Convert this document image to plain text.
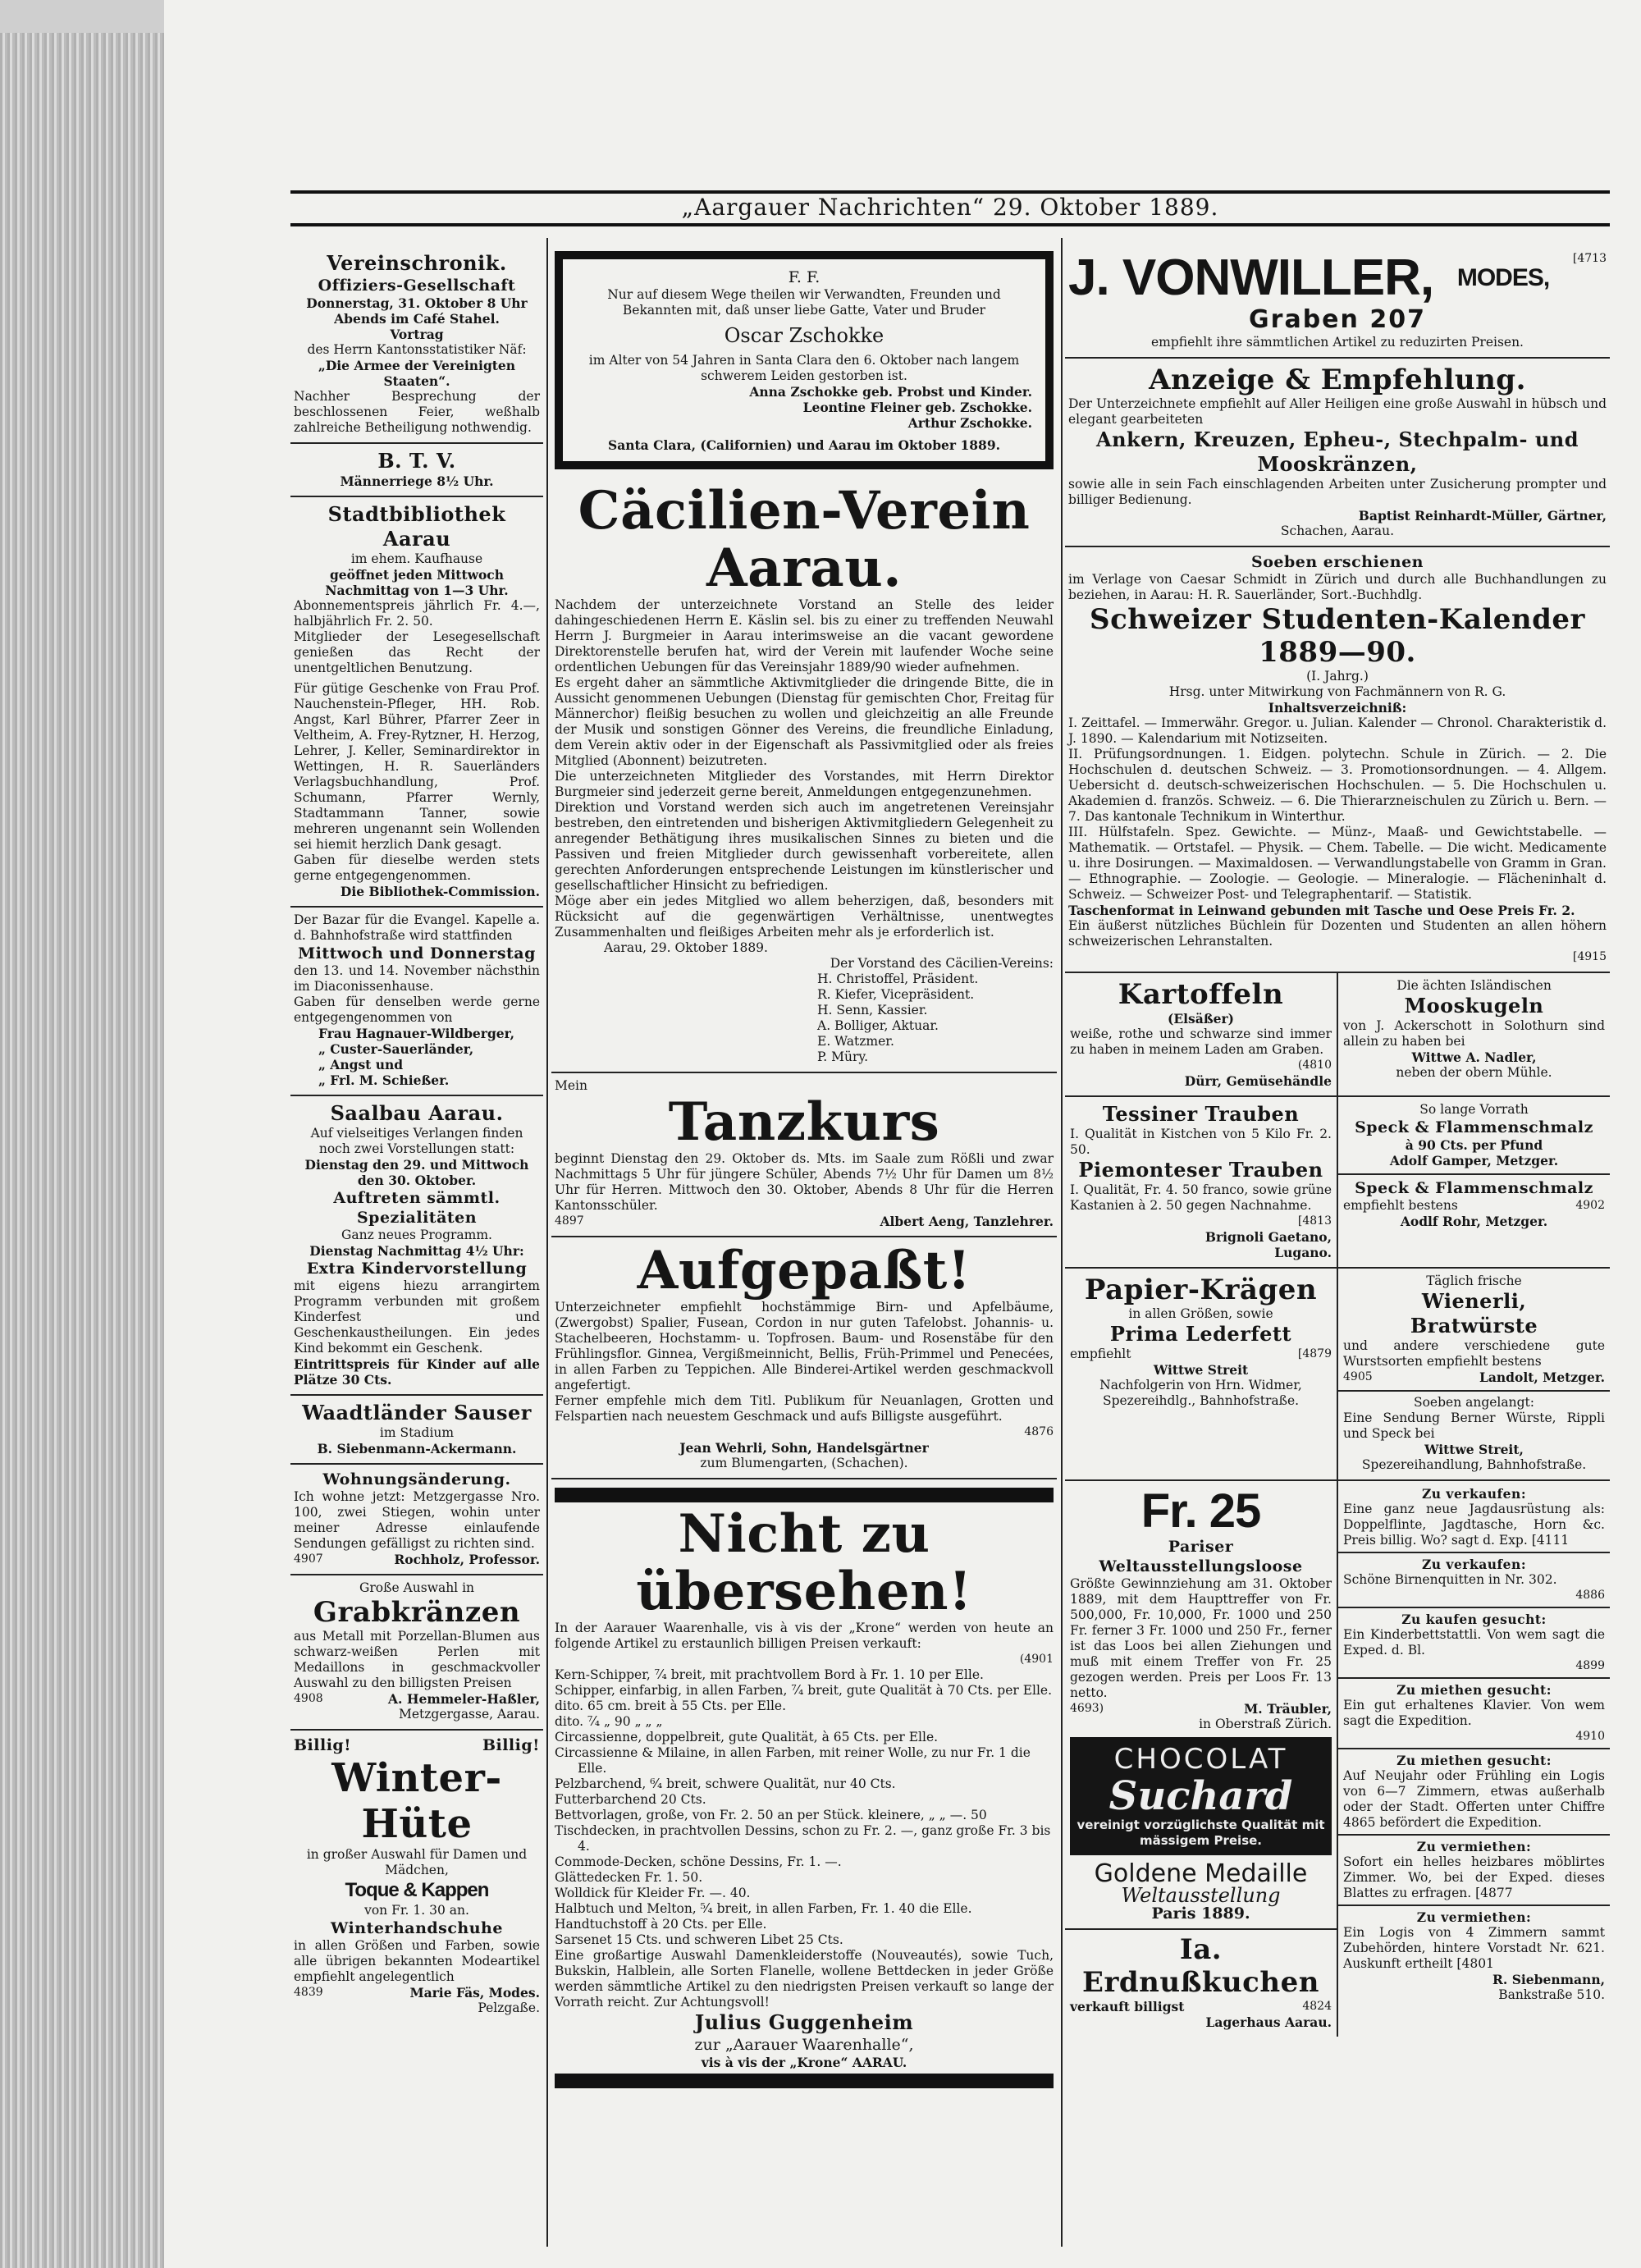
„Aargauer Nachrichten“ 29. Oktober 1889.
Vereinschronik.
Offiziers-Gesellschaft
Donnerstag, 31. Oktober 8 Uhr Abends im Café Stahel.
Vortrag
des Herrn Kantonsstatistiker Näf:
„Die Armee der Vereinigten Staaten“.
Nachher Besprechung der beschlossenen Feier, weßhalb zahlreiche Betheiligung nothwendig.
B. T. V.
Männerriege 8½ Uhr.
Stadtbibliothek Aarau
im ehem. Kaufhause
geöffnet jeden Mittwoch Nachmittag von 1—3 Uhr.
Abonnementspreis jährlich Fr. 4.—, halbjährlich Fr. 2. 50.
Mitglieder der Lesegesellschaft genießen das Recht der unentgeltlichen Benutzung.
Für gütige Geschenke von Frau Prof. Nauchenstein-Pfleger, HH. Rob. Angst, Karl Bührer, Pfarrer Zeer in Veltheim, A. Frey-Rytzner, H. Herzog, Lehrer, J. Keller, Seminardirektor in Wettingen, H. R. Sauerländers Verlagsbuchhandlung, Prof. Schumann, Pfarrer Wernly, Stadtammann Tanner, sowie mehreren ungenannt sein Wollenden sei hiemit herzlich Dank gesagt.
Gaben für dieselbe werden stets gerne entgegengenommen.
Die Bibliothek-Commission.
Der Bazar für die Evangel. Kapelle a. d. Bahnhofstraße wird stattfinden
Mittwoch und Donnerstag
den 13. und 14. November nächsthin im Diaconissenhause.
Gaben für denselben werde gerne entgegengenommen von
Frau Hagnauer-Wildberger,
„ Custer-Sauerländer,
„ Angst und
„ Frl. M. Schießer.
Saalbau Aarau.
Auf vielseitiges Verlangen finden noch zwei Vorstellungen statt:
Dienstag den 29. und Mittwoch den 30. Oktober.
Auftreten sämmtl. Spezialitäten
Ganz neues Programm.
Dienstag Nachmittag 4½ Uhr:
Extra Kindervorstellung
mit eigens hiezu arrangirtem Programm verbunden mit großem Kinderfest und Geschenkaustheilungen. Ein jedes Kind bekommt ein Geschenk.
Eintrittspreis für Kinder auf alle Plätze 30 Cts.
Waadtländer Sauser
im Stadium
B. Siebenmann-Ackermann.
Wohnungsänderung.
Ich wohne jetzt: Metzgergasse Nro. 100, zwei Stiegen, wohin unter meiner Adresse einlaufende Sendungen gefälligst zu richten sind.
4907	Rochholz, Professor.
Große Auswahl in
Grabkränzen
aus Metall mit Porzellan-Blumen aus schwarz-weißen Perlen mit Medaillons in geschmackvoller Auswahl zu den billigsten Preisen
4908	A. Hemmeler-Haßler,
Metzgergasse, Aarau.
Billig!	Billig!
Winter-Hüte
in großer Auswahl für Damen und Mädchen,
Toque & Kappen
von Fr. 1. 30 an.
Winterhandschuhe
in allen Größen und Farben, sowie alle übrigen bekannten Modeartikel empfiehlt angelegentlich
4839	Marie Fäs, Modes.
Pelzgaße.
F. F.
Nur auf diesem Wege theilen wir Verwandten, Freunden und Bekannten mit, daß unser liebe Gatte, Vater und Bruder
Oscar Zschokke
im Alter von 54 Jahren in Santa Clara den 6. Oktober nach langem schwerem Leiden gestorben ist.
Anna Zschokke geb. Probst und Kinder.
Leontine Fleiner geb. Zschokke.
Arthur Zschokke.
Santa Clara, (Californien) und Aarau im Oktober 1889.
Cäcilien-Verein Aarau.

Nachdem der unterzeichnete Vorstand an Stelle des leider dahingeschiedenen Herrn E. Käslin sel. bis zu einer zu treffenden Neuwahl Herrn J. Burgmeier in Aarau interimsweise an die vacant gewordene Direktorenstelle berufen hat, wird der Verein mit laufender Woche seine ordentlichen Uebungen für das Vereinsjahr 1889/90 wieder aufnehmen.

Es ergeht daher an sämmtliche Aktivmitglieder die dringende Bitte, die in Aussicht genommenen Uebungen (Dienstag für gemischten Chor, Freitag für Männerchor) fleißig besuchen zu wollen und gleichzeitig an alle Freunde der Musik und sonstigen Gönner des Vereins, die freundliche Einladung, dem Verein aktiv oder in der Eigenschaft als Passivmitglied oder als freies Mitglied (Abonnent) beizutreten.

Die unterzeichneten Mitglieder des Vorstandes, mit Herrn Direktor Burgmeier sind jederzeit gerne bereit, Anmeldungen entgegenzunehmen.

Direktion und Vorstand werden sich auch im angetretenen Vereinsjahr bestreben, den eintretenden und bisherigen Aktivmitgliedern Gelegenheit zu anregender Bethätigung ihres musikalischen Sinnes zu bieten und die Passiven und freien Mitglieder durch gewissenhaft vorbereitete, allen gerechten Anforderungen entsprechende Leistungen im künstlerischer und gesellschaftlicher Hinsicht zu befriedigen.

Möge aber ein jedes Mitglied wo allem beherzigen, daß, besonders mit Rücksicht auf die gegenwärtigen Verhältnisse, unentwegtes Zusammenhalten und fleißiges Arbeiten mehr als je erforderlich ist.

Aarau, 29. Oktober 1889.
Der Vorstand des Cäcilien-Vereins:
H. Christoffel, Präsident.
R. Kiefer, Vicepräsident.
H. Senn, Kassier.
A. Bolliger, Aktuar.
E. Watzmer.
P. Müry.
Mein
Tanzkurs
beginnt Dienstag den 29. Oktober ds. Mts. im Saale zum Rößli und zwar Nachmittags 5 Uhr für jüngere Schüler, Abends 7½ Uhr für Damen um 8½ Uhr für Herren. Mittwoch den 30. Oktober, Abends 8 Uhr für die Herren Kantonsschüler.
4897	Albert Aeng, Tanzlehrer.
Aufgepaßt!
Unterzeichneter empfiehlt hochstämmige Birn- und Apfelbäume, (Zwergobst) Spalier, Fusean, Cordon in nur guten Tafelobst. Johannis- u. Stachelbeeren, Hochstamm- u. Topfrosen. Baum- und Rosenstäbe für den Frühlingsflor. Ginnea, Vergißmeinnicht, Bellis, Früh-Primmel und Penecées, in allen Farben zu Teppichen. Alle Binderei-Artikel werden geschmackvoll angefertigt.
Ferner empfehle mich dem Titl. Publikum für Neuanlagen, Grotten und Felspartien nach neuestem Geschmack und aufs Billigste ausgeführt.
4876
Jean Wehrli, Sohn, Handelsgärtner
zum Blumengarten, (Schachen).
Nicht zu übersehen!
In der Aarauer Waarenhalle, vis à vis der „Krone“ werden von heute an folgende Artikel zu erstaunlich billigen Preisen verkauft:
(4901
Kern-Schipper, ⁷⁄₄ breit, mit prachtvollem Bord à Fr. 1. 10 per Elle.
Schipper, einfarbig, in allen Farben, ⁷⁄₄ breit, gute Qualität à 70 Cts. per Elle.
dito. 65 cm. breit à 55 Cts. per Elle.
dito. ⁷⁄₄ „ 90 „ „ „
Circassienne, doppelbreit, gute Qualität, à 65 Cts. per Elle.
Circassienne & Milaine, in allen Farben, mit reiner Wolle, zu nur Fr. 1 die Elle.
Pelzbarchend, ⁶⁄₄ breit, schwere Qualität, nur 40 Cts.
Futterbarchend 20 Cts.
Bettvorlagen, große, von Fr. 2. 50 an per Stück. kleinere, „ „ —. 50
Tischdecken, in prachtvollen Dessins, schon zu Fr. 2. —, ganz große Fr. 3 bis 4.
Commode-Decken, schöne Dessins, Fr. 1. —.
Glättedecken Fr. 1. 50.
Wolldick für Kleider Fr. —. 40.
Halbtuch und Melton, ⁵⁄₄ breit, in allen Farben, Fr. 1. 40 die Elle.
Handtuchstoff à 20 Cts. per Elle.
Sarsenet 15 Cts. und schweren Libet 25 Cts.
Eine großartige Auswahl Damenkleiderstoffe (Nouveautés), sowie Tuch, Bukskin, Halblein, alle Sorten Flanelle, wollene Bettdecken in jeder Größe werden sämmtliche Artikel zu den niedrigsten Preisen verkauft so lange der Vorrath reicht. Zur Achtungsvoll!
Julius Guggenheim
zur „Aarauer Waarenhalle“,
vis à vis der „Krone“ AARAU.
J. VONWILLER, MODES,
[4713
Graben 207
empfiehlt ihre sämmtlichen Artikel zu reduzirten Preisen.
Anzeige & Empfehlung.
Der Unterzeichnete empfiehlt auf Aller Heiligen eine große Auswahl in hübsch und elegant gearbeiteten
Ankern, Kreuzen, Epheu-, Stechpalm- und Mooskränzen,
sowie alle in sein Fach einschlagenden Arbeiten unter Zusicherung prompter und billiger Bedienung.
Baptist Reinhardt-Müller, Gärtner,
Schachen, Aarau.
Soeben erschienen
im Verlage von Caesar Schmidt in Zürich und durch alle Buchhandlungen zu beziehen, in Aarau: H. R. Sauerländer, Sort.-Buchhdlg.
Schweizer Studenten-Kalender 1889—90.
(I. Jahrg.)
Hrsg. unter Mitwirkung von Fachmännern von R. G.
Inhaltsverzeichniß:
I. Zeittafel. — Immerwähr. Gregor. u. Julian. Kalender — Chronol. Charakteristik d. J. 1890. — Kalendarium mit Notizseiten.
II. Prüfungsordnungen. 1. Eidgen. polytechn. Schule in Zürich. — 2. Die Hochschulen d. deutschen Schweiz. — 3. Promotionsordnungen. — 4. Allgem. Uebersicht d. deutsch-schweizerischen Hochschulen. — 5. Die Hochschulen u. Akademien d. französ. Schweiz. — 6. Die Thierarzneischulen zu Zürich u. Bern. — 7. Das kantonale Technikum in Winterthur.
III. Hülfstafeln. Spez. Gewichte. — Münz-, Maaß- und Gewichtstabelle. — Mathematik. — Ortstafel. — Physik. — Chem. Tabelle. — Die wicht. Medicamente u. ihre Dosirungen. — Maximaldosen. — Verwandlungstabelle von Gramm in Gran. — Ethnographie. — Zoologie. — Geologie. — Mineralogie. — Flächeninhalt d. Schweiz. — Schweizer Post- und Telegraphentarif. — Statistik.
Taschenformat in Leinwand gebunden mit Tasche und Oese Preis Fr. 2.
Ein äußerst nützliches Büchlein für Dozenten und Studenten an allen höhern schweizerischen Lehranstalten.
[4915
Kartoffeln
(Elsäßer)
weiße, rothe und schwarze sind immer zu haben in meinem Laden am Graben.
(4810
Dürr, Gemüsehändle
Die ächten Isländischen
Mooskugeln
von J. Ackerschott in Solothurn sind allein zu haben bei
Wittwe A. Nadler,
neben der obern Mühle.
Tessiner Trauben
I. Qualität in Kistchen von 5 Kilo Fr. 2. 50.
Piemonteser Trauben
I. Qualität, Fr. 4. 50 franco, sowie grüne Kastanien à 2. 50 gegen Nachnahme.
[4813
Brignoli Gaetano,
Lugano.
So lange Vorrath
Speck & Flammenschmalz
à 90 Cts. per Pfund
Adolf Gamper, Metzger.
Speck & Flammenschmalz
empfiehlt bestens	4902
Aodlf Rohr, Metzger.
Papier-Krägen
in allen Größen, sowie
Prima Lederfett
empfiehlt	[4879
Wittwe Streit
Nachfolgerin von Hrn. Widmer, Spezereihdlg., Bahnhofstraße.
Täglich frische
Wienerli,
Bratwürste
und andere verschiedene gute Wurstsorten empfiehlt bestens
4905	Landolt, Metzger.
Soeben angelangt:
Eine Sendung Berner Würste, Rippli und Speck bei
Wittwe Streit,
Spezereihandlung, Bahnhofstraße.
Fr. 25
Pariser Weltausstellungsloose
Größte Gewinnziehung am 31. Oktober 1889, mit dem Haupttreffer von Fr. 500,000, Fr. 10,000, Fr. 1000 und 250 Fr. ferner 3 Fr. 1000 und 250 Fr., ferner ist das Loos bei allen Ziehungen und muß mit einem Treffer von Fr. 25 gezogen werden. Preis per Loos Fr. 13 netto.
4693)	M. Träubler,
in Oberstraß Zürich.
CHOCOLAT
Suchard
vereinigt vorzüglichste Qualität mit mässigem Preise.
Goldene Medaille
Weltausstellung
Paris 1889.
Ia. Erdnußkuchen
verkauft billigst	4824
Lagerhaus Aarau.
Zu verkaufen:
Eine ganz neue Jagdausrüstung als: Doppelflinte, Jagdtasche, Horn &c. Preis billig. Wo? sagt d. Exp. [4111
Zu verkaufen:
Schöne Birnenquitten in Nr. 302.
4886
Zu kaufen gesucht:
Ein Kinderbettstattli. Von wem sagt die Exped. d. Bl.
4899
Zu miethen gesucht:
Ein gut erhaltenes Klavier. Von wem sagt die Expedition.
4910
Zu miethen gesucht:
Auf Neujahr oder Frühling ein Logis von 6—7 Zimmern, etwas außerhalb oder der Stadt. Offerten unter Chiffre 4865 befördert die Expedition.
Zu vermiethen:
Sofort ein helles heizbares möblirtes Zimmer. Wo, bei der Exped. dieses Blattes zu erfragen. [4877
Zu vermiethen:
Ein Logis von 4 Zimmern sammt Zubehörden, hintere Vorstadt Nr. 621. Auskunft ertheilt [4801
R. Siebenmann,
Bankstraße 510.
